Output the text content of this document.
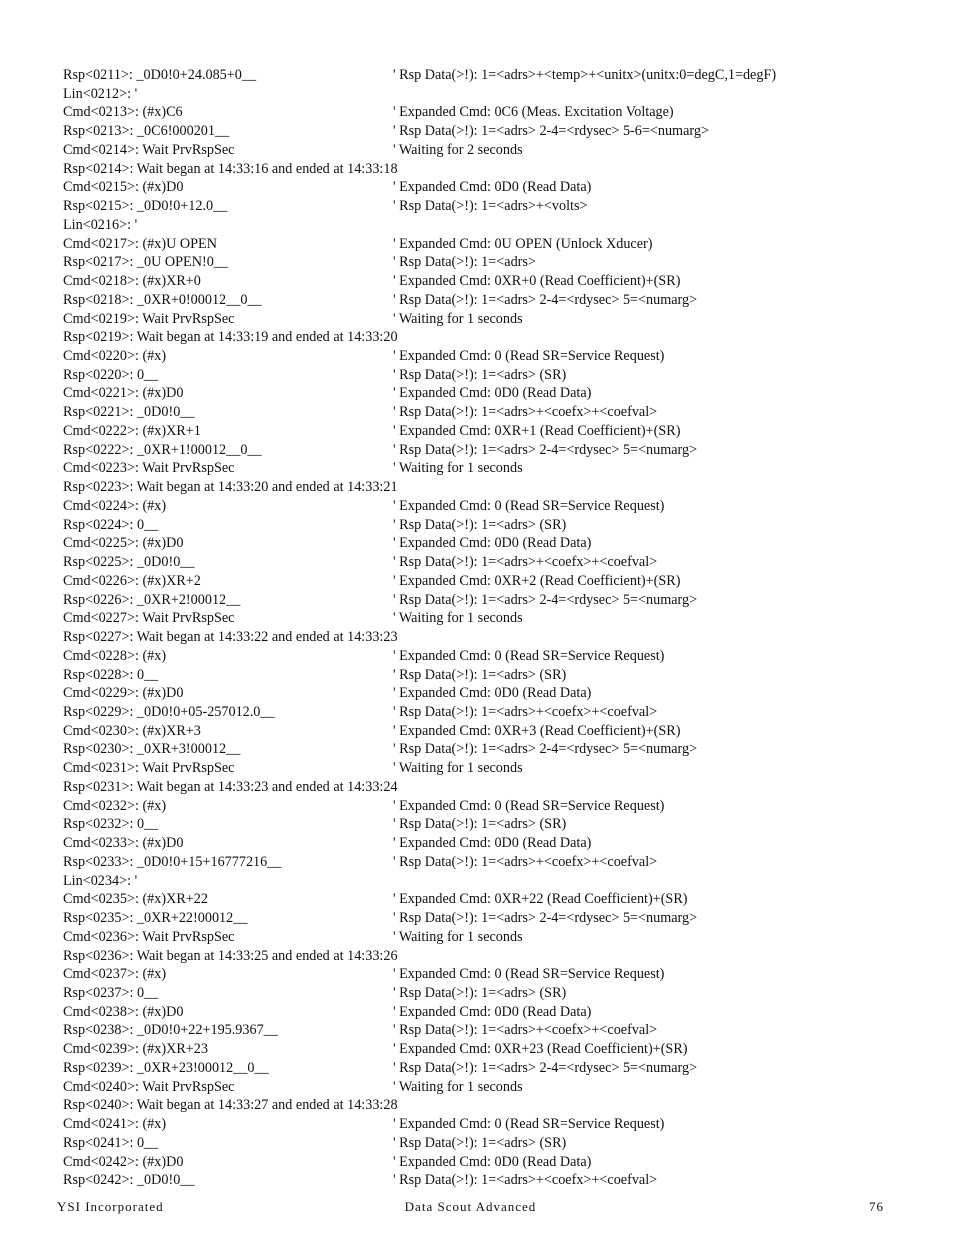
Rsp<0211>: _0D0!0+24.085+0__	' Rsp Data(>!): 1=<adrs>+<temp>+<unitx>(unitx:0=degC,1=degF)
Lin<0212>: '
Cmd<0213>: (#x)C6	' Expanded Cmd: 0C6 (Meas. Excitation Voltage)
Rsp<0213>: _0C6!000201__	' Rsp Data(>!): 1=<adrs> 2-4=<rdysec> 5-6=<numarg>
Cmd<0214>: Wait PrvRspSec	' Waiting for 2 seconds
Rsp<0214>: Wait began at 14:33:16 and ended at 14:33:18
Cmd<0215>: (#x)D0	' Expanded Cmd: 0D0 (Read Data)
Rsp<0215>: _0D0!0+12.0__	' Rsp Data(>!): 1=<adrs>+<volts>
Lin<0216>: '
Cmd<0217>: (#x)U OPEN	' Expanded Cmd: 0U OPEN (Unlock Xducer)
Rsp<0217>: _0U OPEN!0__	' Rsp Data(>!): 1=<adrs>
Cmd<0218>: (#x)XR+0	' Expanded Cmd: 0XR+0 (Read Coefficient)+(SR)
Rsp<0218>: _0XR+0!00012__0__	' Rsp Data(>!): 1=<adrs> 2-4=<rdysec> 5=<numarg>
Cmd<0219>: Wait PrvRspSec	' Waiting for 1 seconds
Rsp<0219>: Wait began at 14:33:19 and ended at 14:33:20
Cmd<0220>: (#x)	' Expanded Cmd: 0 (Read SR=Service Request)
Rsp<0220>: 0__	' Rsp Data(>!): 1=<adrs> (SR)
Cmd<0221>: (#x)D0	' Expanded Cmd: 0D0 (Read Data)
Rsp<0221>: _0D0!0__	' Rsp Data(>!): 1=<adrs>+<coefx>+<coefval>
Cmd<0222>: (#x)XR+1	' Expanded Cmd: 0XR+1 (Read Coefficient)+(SR)
Rsp<0222>: _0XR+1!00012__0__	' Rsp Data(>!): 1=<adrs> 2-4=<rdysec> 5=<numarg>
Cmd<0223>: Wait PrvRspSec	' Waiting for 1 seconds
Rsp<0223>: Wait began at 14:33:20 and ended at 14:33:21
Cmd<0224>: (#x)	' Expanded Cmd: 0 (Read SR=Service Request)
Rsp<0224>: 0__	' Rsp Data(>!): 1=<adrs> (SR)
Cmd<0225>: (#x)D0	' Expanded Cmd: 0D0 (Read Data)
Rsp<0225>: _0D0!0__	' Rsp Data(>!): 1=<adrs>+<coefx>+<coefval>
Cmd<0226>: (#x)XR+2	' Expanded Cmd: 0XR+2 (Read Coefficient)+(SR)
Rsp<0226>: _0XR+2!00012__	' Rsp Data(>!): 1=<adrs> 2-4=<rdysec> 5=<numarg>
Cmd<0227>: Wait PrvRspSec	' Waiting for 1 seconds
Rsp<0227>: Wait began at 14:33:22 and ended at 14:33:23
Cmd<0228>: (#x)	' Expanded Cmd: 0 (Read SR=Service Request)
Rsp<0228>: 0__	' Rsp Data(>!): 1=<adrs> (SR)
Cmd<0229>: (#x)D0	' Expanded Cmd: 0D0 (Read Data)
Rsp<0229>: _0D0!0+05-257012.0__	' Rsp Data(>!): 1=<adrs>+<coefx>+<coefval>
Cmd<0230>: (#x)XR+3	' Expanded Cmd: 0XR+3 (Read Coefficient)+(SR)
Rsp<0230>: _0XR+3!00012__	' Rsp Data(>!): 1=<adrs> 2-4=<rdysec> 5=<numarg>
Cmd<0231>: Wait PrvRspSec	' Waiting for 1 seconds
Rsp<0231>: Wait began at 14:33:23 and ended at 14:33:24
Cmd<0232>: (#x)	' Expanded Cmd: 0 (Read SR=Service Request)
Rsp<0232>: 0__	' Rsp Data(>!): 1=<adrs> (SR)
Cmd<0233>: (#x)D0	' Expanded Cmd: 0D0 (Read Data)
Rsp<0233>: _0D0!0+15+16777216__	' Rsp Data(>!): 1=<adrs>+<coefx>+<coefval>
Lin<0234>: '
Cmd<0235>: (#x)XR+22	' Expanded Cmd: 0XR+22 (Read Coefficient)+(SR)
Rsp<0235>: _0XR+22!00012__	' Rsp Data(>!): 1=<adrs> 2-4=<rdysec> 5=<numarg>
Cmd<0236>: Wait PrvRspSec	' Waiting for 1 seconds
Rsp<0236>: Wait began at 14:33:25 and ended at 14:33:26
Cmd<0237>: (#x)	' Expanded Cmd: 0 (Read SR=Service Request)
Rsp<0237>: 0__	' Rsp Data(>!): 1=<adrs> (SR)
Cmd<0238>: (#x)D0	' Expanded Cmd: 0D0 (Read Data)
Rsp<0238>: _0D0!0+22+195.9367__	' Rsp Data(>!): 1=<adrs>+<coefx>+<coefval>
Cmd<0239>: (#x)XR+23	' Expanded Cmd: 0XR+23 (Read Coefficient)+(SR)
Rsp<0239>: _0XR+23!00012__0__	' Rsp Data(>!): 1=<adrs> 2-4=<rdysec> 5=<numarg>
Cmd<0240>: Wait PrvRspSec	' Waiting for 1 seconds
Rsp<0240>: Wait began at 14:33:27 and ended at 14:33:28
Cmd<0241>: (#x)	' Expanded Cmd: 0 (Read SR=Service Request)
Rsp<0241>: 0__	' Rsp Data(>!): 1=<adrs> (SR)
Cmd<0242>: (#x)D0	' Expanded Cmd: 0D0 (Read Data)
Rsp<0242>: _0D0!0__	' Rsp Data(>!): 1=<adrs>+<coefx>+<coefval>
YSI Incorporated	Data Scout Advanced	76
